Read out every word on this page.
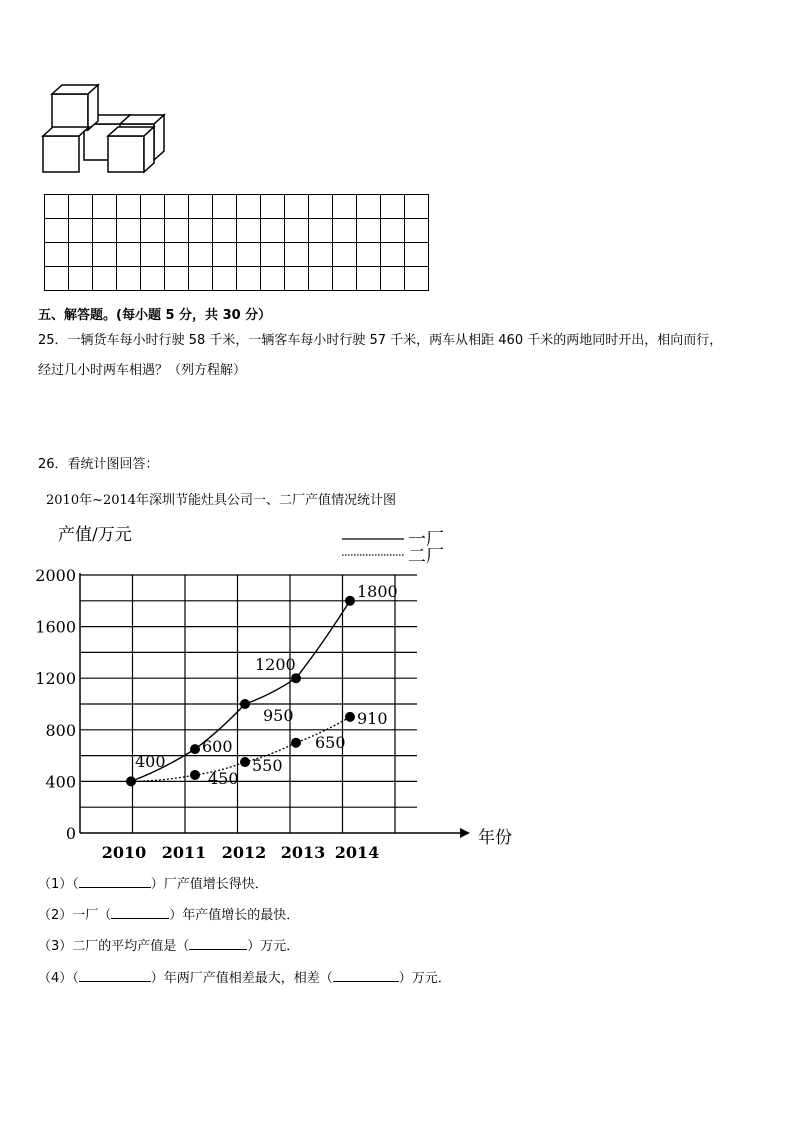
五、解答题。(每小题 5 分，共 30 分）
25．一辆货车每小时行驶 58 千米，一辆客车每小时行驶 57 千米，两车从相距 460 千米的两地同时开出，相向而行，
经过几小时两车相遇？（列方程解）
26．看统计图回答：
2010年~2014年深圳节能灶具公司一、二厂产值情况统计图
产值/万元
年份
0
400
800
1200
1600
2000
2010 2011 2012 2013 2014
400
600
950
1200
1800
450
550
650
910
一厂
二厂
（1）（	）厂产值增长得快．
（2）一厂（	）年产值增长的最快．
（3）二厂的平均产值是（	）万元．
（4）（	）年两厂产值相差最大，相差（	）万元．
